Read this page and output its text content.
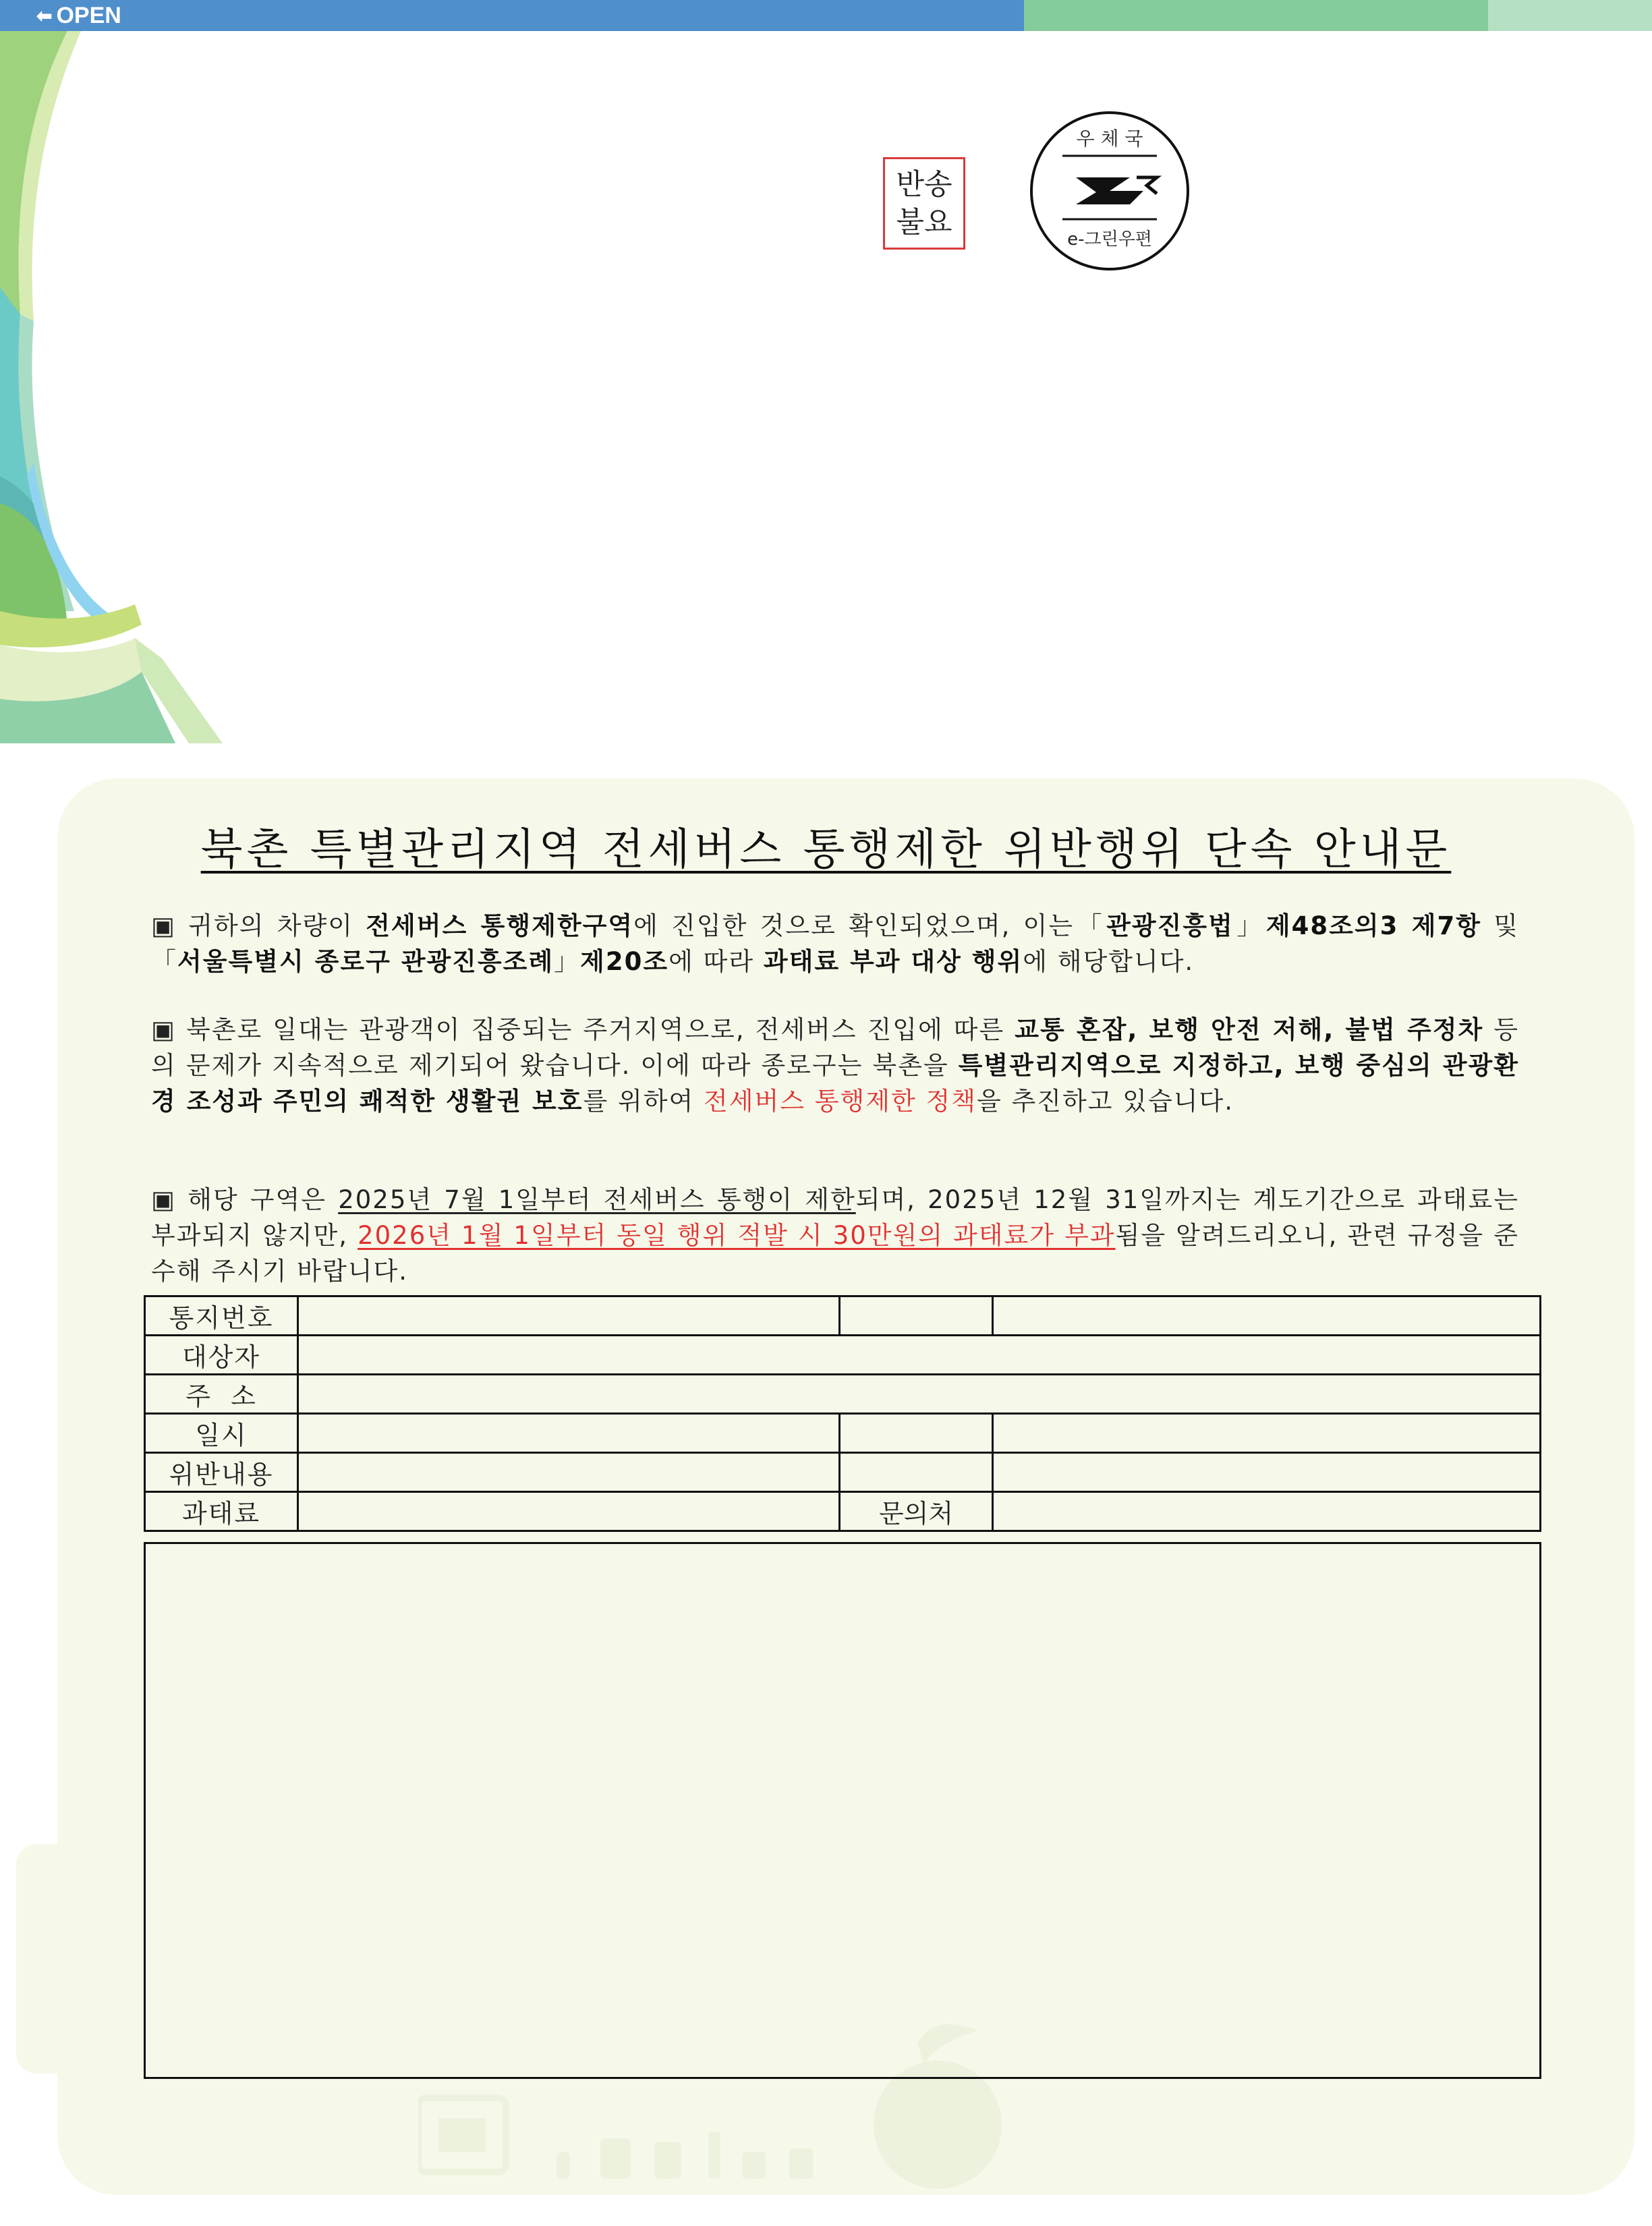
⬅ OPEN
반송
불요
우 체 국
e-그린우편
북촌 특별관리지역 전세버스 통행제한 위반행위 단속 안내문
▣ 귀하의 차량이 전세버스 통행제한구역에 진입한 것으로 확인되었으며, 이는「관광진흥법」제48조의3 제7항 및「서울특별시 종로구 관광진흥조례」제20조에 따라 과태료 부과 대상 행위에 해당합니다.
▣ 북촌로 일대는 관광객이 집중되는 주거지역으로, 전세버스 진입에 따른 교통 혼잡, 보행 안전 저해, 불법 주정차 등의 문제가 지속적으로 제기되어 왔습니다. 이에 따라 종로구는 북촌을 특별관리지역으로 지정하고, 보행 중심의 관광환경 조성과 주민의 쾌적한 생활권 보호를 위하여 전세버스 통행제한 정책을 추진하고 있습니다.
▣ 해당 구역은 2025년 7월 1일부터 전세버스 통행이 제한되며, 2025년 12월 31일까지는 계도기간으로 과태료는 부과되지 않지만, 2026년 1월 1일부터 동일 행위 적발 시 30만원의 과태료가 부과됨을 알려드리오니, 관련 규정을 준수해 주시기 바랍니다.
통지번호			
대상자			
주  소			
일시			
위반내용			
과태료		문의처	
